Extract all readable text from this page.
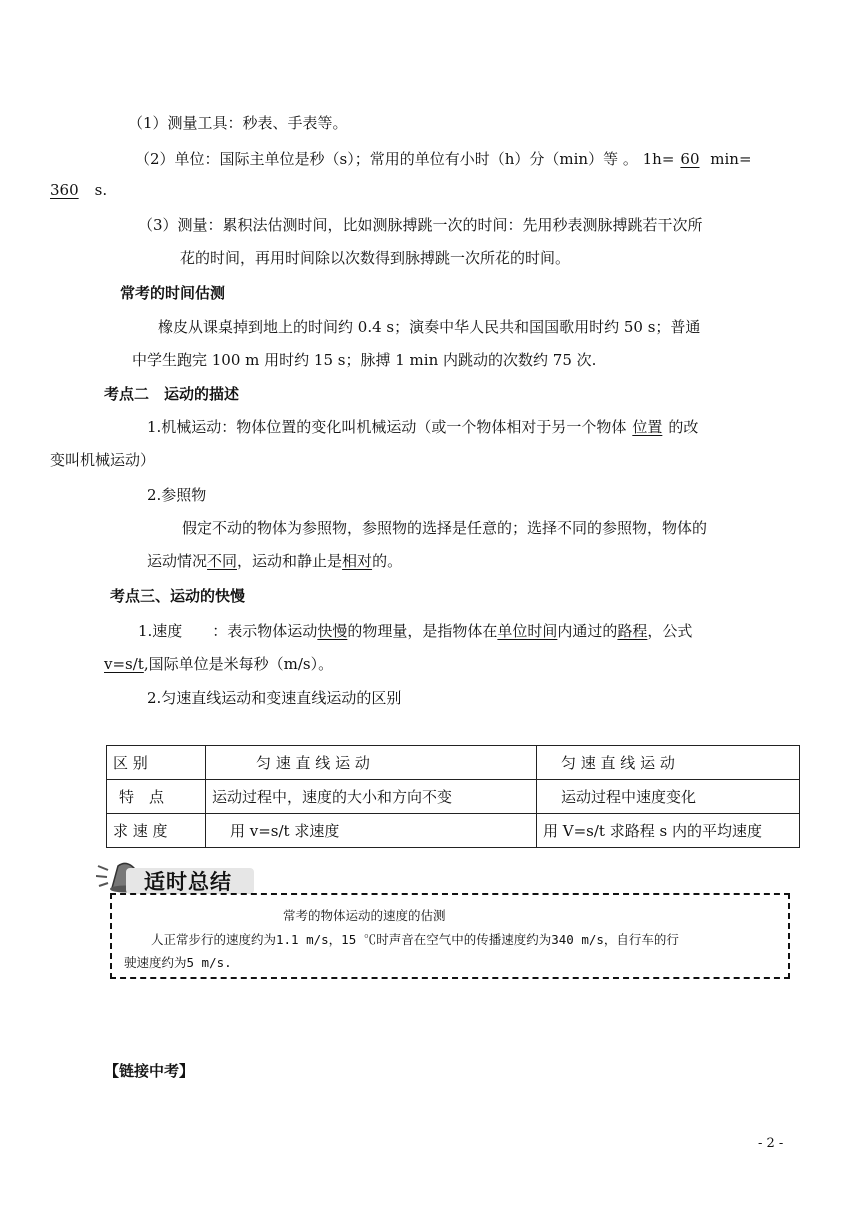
（1）测量工具：秒表、手表等。
（2）单位：国际主单位是秒（s）；常用的单位有小时（h）分（min）等 。 1h= 60 min=
360 s.
（3）测量：累积法估测时间，比如测脉搏跳一次的时间：先用秒表测脉搏跳若干次所
花的时间，再用时间除以次数得到脉搏跳一次所花的时间。
常考的时间估测
橡皮从课桌掉到地上的时间约 0.4 s；演奏中华人民共和国国歌用时约 50 s；普通
中学生跑完 100 m 用时约 15 s；脉搏 1 min 内跳动的次数约 75 次.
考点二　运动的描述
1.机械运动：物体位置的变化叫机械运动（或一个物体相对于另一个物体 位置 的改
变叫机械运动）
2.参照物
假定不动的物体为参照物，参照物的选择是任意的；选择不同的参照物，物体的
运动情况不同，运动和静止是相对的。
考点三、运动的快慢
1.速度　　：表示物体运动快慢的物理量，是指物体在单位时间内通过的路程，公式
v=s/t,国际单位是米每秒（m/s）。
2.匀速直线运动和变速直线运动的区别
区 别	匀 速 直 线 运 动	匀 速 直 线 运 动
特　点	运动过程中，速度的大小和方向不变	运动过程中速度变化
求 速 度	用 v=s/t 求速度	用 V=s/t 求路程 s 内的平均速度
适时总结
常考的物体运动的速度的估测
人正常步行的速度约为1.1 m/s，15 ℃时声音在空气中的传播速度约为340 m/s，自行车的行
驶速度约为5 m/s.
【链接中考】
- 2 -
